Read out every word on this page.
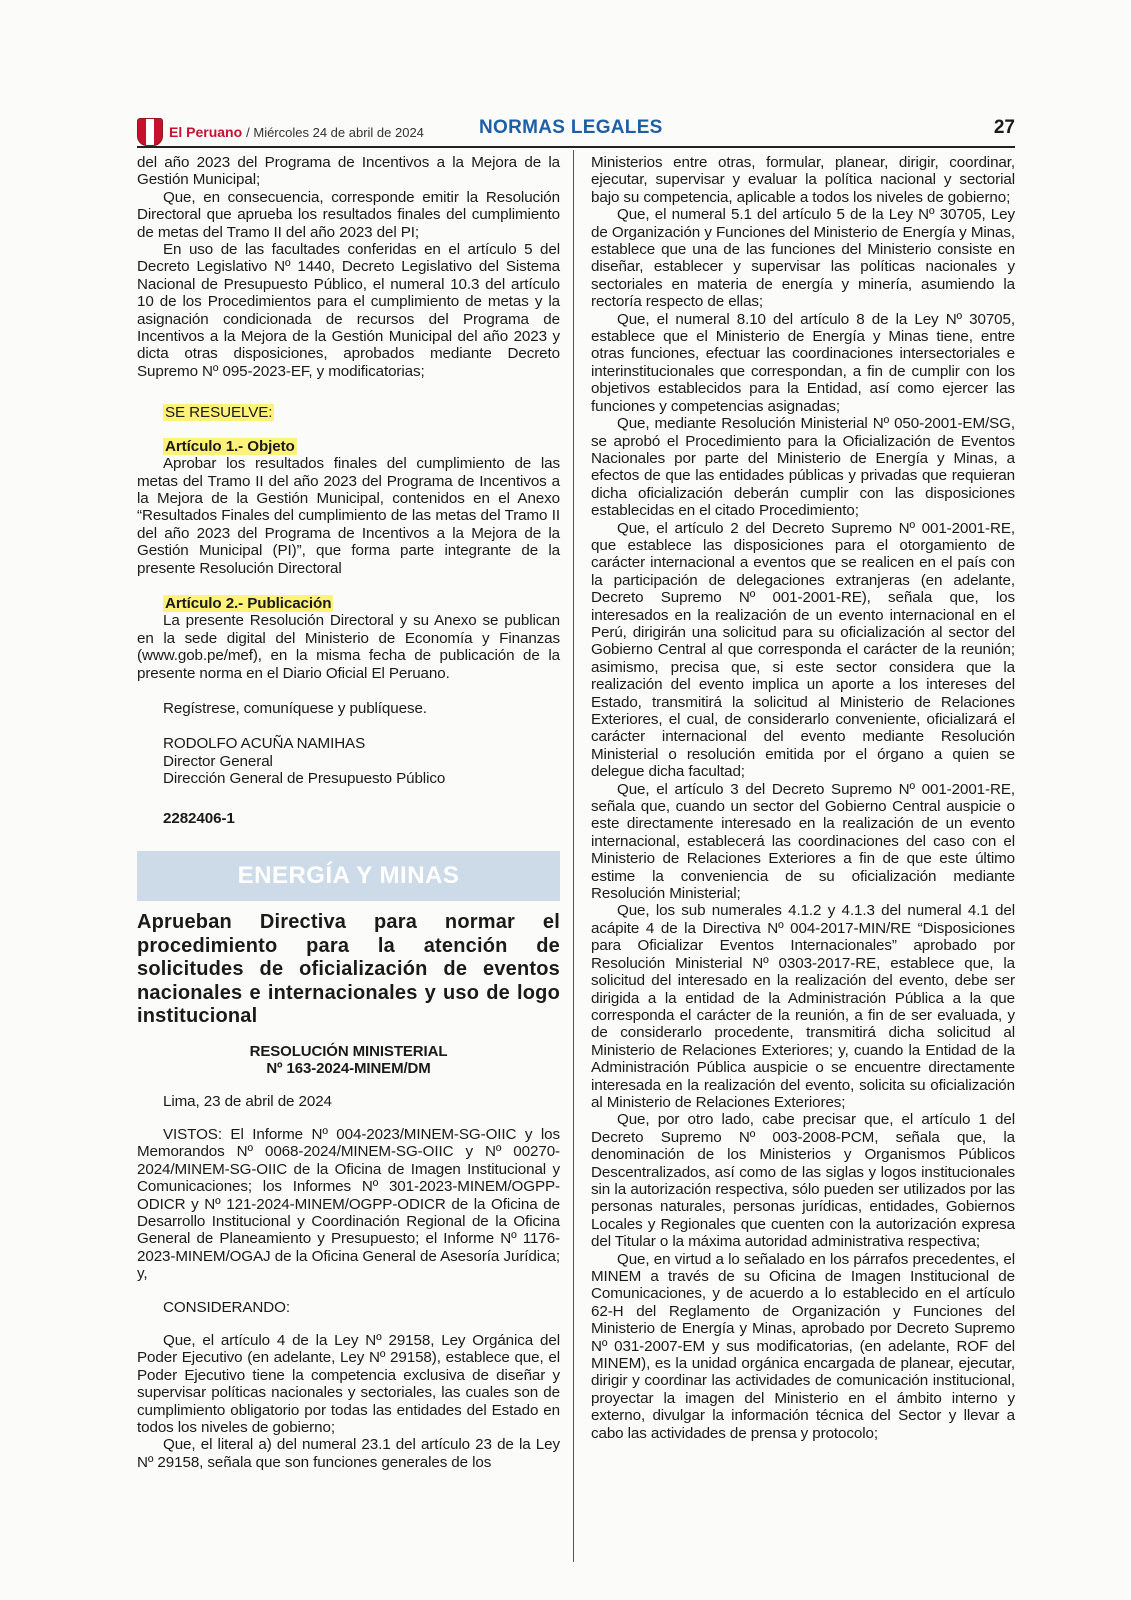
El Peruano / Miércoles 24 de abril de 2024	NORMAS LEGALES	27

del año 2023 del Programa de Incentivos a la Mejora de la Gestión Municipal;

Que, en consecuencia, corresponde emitir la Resolución Directoral que aprueba los resultados finales del cumplimiento de metas del Tramo II del año 2023 del PI;

En uso de las facultades conferidas en el artículo 5 del Decreto Legislativo Nº 1440, Decreto Legislativo del Sistema Nacional de Presupuesto Público, el numeral 10.3 del artículo 10 de los Procedimientos para el cumplimiento de metas y la asignación condicionada de recursos del Programa de Incentivos a la Mejora de la Gestión Municipal del año 2023 y dicta otras disposiciones, aprobados mediante Decreto Supremo Nº 095-2023-EF, y modificatorias;

SE RESUELVE:
Artículo 1.- Objeto

Aprobar los resultados finales del cumplimiento de las metas del Tramo II del año 2023 del Programa de Incentivos a la Mejora de la Gestión Municipal, contenidos en el Anexo “Resultados Finales del cumplimiento de las metas del Tramo II del año 2023 del Programa de Incentivos a la Mejora de la Gestión Municipal (PI)”, que forma parte integrante de la presente Resolución Directoral

Artículo 2.- Publicación

La presente Resolución Directoral y su Anexo se publican en la sede digital del Ministerio de Economía y Finanzas (www.gob.pe/mef), en la misma fecha de publicación de la presente norma en el Diario Oficial El Peruano.

Regístrese, comuníquese y publíquese.
RODOLFO ACUÑA NAMIHAS
Director General
Dirección General de Presupuesto Público
2282406-1
ENERGÍA Y MINAS
Aprueban Directiva para normar el procedimiento para la atención de solicitudes de oficialización de eventos nacionales e internacionales y uso de logo institucional
RESOLUCIÓN MINISTERIAL
Nº 163-2024-MINEM/DM
Lima, 23 de abril de 2024

VISTOS: El Informe Nº 004-2023/MINEM-SG-OIIC y los Memorandos Nº 0068-2024/MINEM-SG-OIIC y Nº 00270-2024/MINEM-SG-OIIC de la Oficina de Imagen Institucional y Comunicaciones; los Informes Nº 301-2023-MINEM/OGPP-ODICR y Nº 121-2024-MINEM/OGPP-ODICR de la Oficina de Desarrollo Institucional y Coordinación Regional de la Oficina General de Planeamiento y Presupuesto; el Informe Nº 1176-2023-MINEM/OGAJ de la Oficina General de Asesoría Jurídica; y,

CONSIDERANDO:

Que, el artículo 4 de la Ley Nº 29158, Ley Orgánica del Poder Ejecutivo (en adelante, Ley Nº 29158), establece que, el Poder Ejecutivo tiene la competencia exclusiva de diseñar y supervisar políticas nacionales y sectoriales, las cuales son de cumplimiento obligatorio por todas las entidades del Estado en todos los niveles de gobierno;

Que, el literal a) del numeral 23.1 del artículo 23 de la Ley Nº 29158, señala que son funciones generales de los

Ministerios entre otras, formular, planear, dirigir, coordinar, ejecutar, supervisar y evaluar la política nacional y sectorial bajo su competencia, aplicable a todos los niveles de gobierno;

Que, el numeral 5.1 del artículo 5 de la Ley Nº 30705, Ley de Organización y Funciones del Ministerio de Energía y Minas, establece que una de las funciones del Ministerio consiste en diseñar, establecer y supervisar las políticas nacionales y sectoriales en materia de energía y minería, asumiendo la rectoría respecto de ellas;

Que, el numeral 8.10 del artículo 8 de la Ley Nº 30705, establece que el Ministerio de Energía y Minas tiene, entre otras funciones, efectuar las coordinaciones intersectoriales e interinstitucionales que correspondan, a fin de cumplir con los objetivos establecidos para la Entidad, así como ejercer las funciones y competencias asignadas;

Que, mediante Resolución Ministerial Nº 050-2001-EM/SG, se aprobó el Procedimiento para la Oficialización de Eventos Nacionales por parte del Ministerio de Energía y Minas, a efectos de que las entidades públicas y privadas que requieran dicha oficialización deberán cumplir con las disposiciones establecidas en el citado Procedimiento;

Que, el artículo 2 del Decreto Supremo Nº 001-2001-RE, que establece las disposiciones para el otorgamiento de carácter internacional a eventos que se realicen en el país con la participación de delegaciones extranjeras (en adelante, Decreto Supremo Nº 001-2001-RE), señala que, los interesados en la realización de un evento internacional en el Perú, dirigirán una solicitud para su oficialización al sector del Gobierno Central al que corresponda el carácter de la reunión; asimismo, precisa que, si este sector considera que la realización del evento implica un aporte a los intereses del Estado, transmitirá la solicitud al Ministerio de Relaciones Exteriores, el cual, de considerarlo conveniente, oficializará el carácter internacional del evento mediante Resolución Ministerial o resolución emitida por el órgano a quien se delegue dicha facultad;

Que, el artículo 3 del Decreto Supremo Nº 001-2001-RE, señala que, cuando un sector del Gobierno Central auspicie o este directamente interesado en la realización de un evento internacional, establecerá las coordinaciones del caso con el Ministerio de Relaciones Exteriores a fin de que este último estime la conveniencia de su oficialización mediante Resolución Ministerial;

Que, los sub numerales 4.1.2 y 4.1.3 del numeral 4.1 del acápite 4 de la Directiva Nº 004-2017-MIN/RE “Disposiciones para Oficializar Eventos Internacionales” aprobado por Resolución Ministerial Nº 0303-2017-RE, establece que, la solicitud del interesado en la realización del evento, debe ser dirigida a la entidad de la Administración Pública a la que corresponda el carácter de la reunión, a fin de ser evaluada, y de considerarlo procedente, transmitirá dicha solicitud al Ministerio de Relaciones Exteriores; y, cuando la Entidad de la Administración Pública auspicie o se encuentre directamente interesada en la realización del evento, solicita su oficialización al Ministerio de Relaciones Exteriores;

Que, por otro lado, cabe precisar que, el artículo 1 del Decreto Supremo Nº 003-2008-PCM, señala que, la denominación de los Ministerios y Organismos Públicos Descentralizados, así como de las siglas y logos institucionales sin la autorización respectiva, sólo pueden ser utilizados por las personas naturales, personas jurídicas, entidades, Gobiernos Locales y Regionales que cuenten con la autorización expresa del Titular o la máxima autoridad administrativa respectiva;

Que, en virtud a lo señalado en los párrafos precedentes, el MINEM a través de su Oficina de Imagen Institucional de Comunicaciones, y de acuerdo a lo establecido en el artículo 62-H del Reglamento de Organización y Funciones del Ministerio de Energía y Minas, aprobado por Decreto Supremo Nº 031-2007-EM y sus modificatorias, (en adelante, ROF del MINEM), es la unidad orgánica encargada de planear, ejecutar, dirigir y coordinar las actividades de comunicación institucional, proyectar la imagen del Ministerio en el ámbito interno y externo, divulgar la información técnica del Sector y llevar a cabo las actividades de prensa y protocolo;
